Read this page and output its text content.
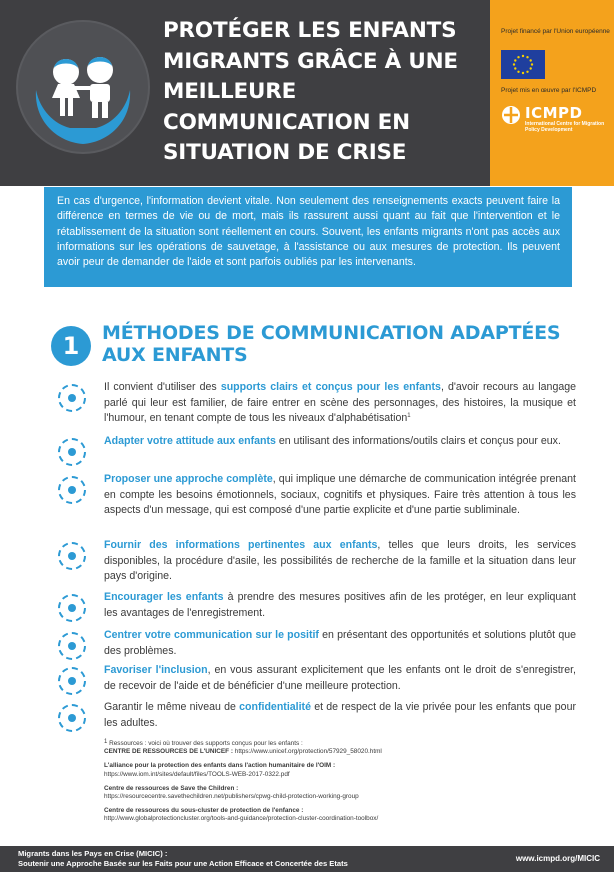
PROTÉGER LES ENFANTS
MIGRANTS GRÂCE À UNE
MEILLEURE
COMMUNICATION EN
SITUATION DE CRISE
Projet financé par l'Union européenne
Projet mis en œuvre par l'ICMPD
ICMPD
International Centre for Migration Policy Development
En cas d'urgence, l'information devient vitale. Non seulement des renseignements exacts peuvent faire la différence en termes de vie ou de mort, mais ils rassurent aussi quant au fait que l'intervention et le rétablissement de la situation sont réellement en cours. Souvent, les enfants migrants n'ont pas accès aux informations sur les opérations de sauvetage, à l'assistance ou aux mesures de protection. Ils peuvent avoir peur de demander de l'aide et sont parfois oubliés par les intervenants.
1	MÉTHODES DE COMMUNICATION ADAPTÉES
AUX ENFANTS
Il convient d'utiliser des supports clairs et conçus pour les enfants, d'avoir recours au langage parlé qui leur est familier, de faire entrer en scène des personnages, des histoires, la musique et l'humour, en tenant compte de tous les niveaux d'alphabétisation$^1$
Adapter votre attitude aux enfants en utilisant des informations/outils clairs et conçus pour eux.
Proposer une approche complète, qui implique une démarche de communication intégrée prenant en compte les besoins émotionnels, sociaux, cognitifs et physiques. Faire très attention à tous les aspects d'un message, qui est composé d'une partie explicite et d'une partie subliminale.
Fournir des informations pertinentes aux enfants, telles que leurs droits, les services disponibles, la procédure d'asile, les possibilités de recherche de la famille et la situation dans leur pays d'origine.
Encourager les enfants à prendre des mesures positives afin de les protéger, en leur expliquant les avantages de l'enregistrement.
Centrer votre communication sur le positif en présentant des opportunités et solutions plutôt que des problèmes.
Favoriser l'inclusion, en vous assurant explicitement que les enfants ont le droit de s'enregistrer, de recevoir de l'aide et de bénéficier d'une meilleure protection.
Garantir le même niveau de confidentialité et de respect de la vie privée pour les enfants que pour les adultes.
$^1$ Ressources : voici où trouver des supports conçus pour les enfants :
CENTRE DE RESSOURCES DE L'UNICEF : https://www.unicef.org/protection/57929_58020.html
L'alliance pour la protection des enfants dans l'action humanitaire de l'OIM :
https://www.iom.int/sites/default/files/TOOLS-WEB-2017-0322.pdf
Centre de ressources de Save the Children :
https://resourcecentre.savethechildren.net/publishers/cpwg-child-protection-working-group
Centre de ressources du sous-cluster de protection de l'enfance :
http://www.globalprotectioncluster.org/tools-and-guidance/protection-cluster-coordination-toolbox/
Migrants dans les Pays en Crise (MICIC) :
Soutenir une Approche Basée sur les Faits pour une Action Efficace et Concertée des Etats
www.icmpd.org/MICIC
